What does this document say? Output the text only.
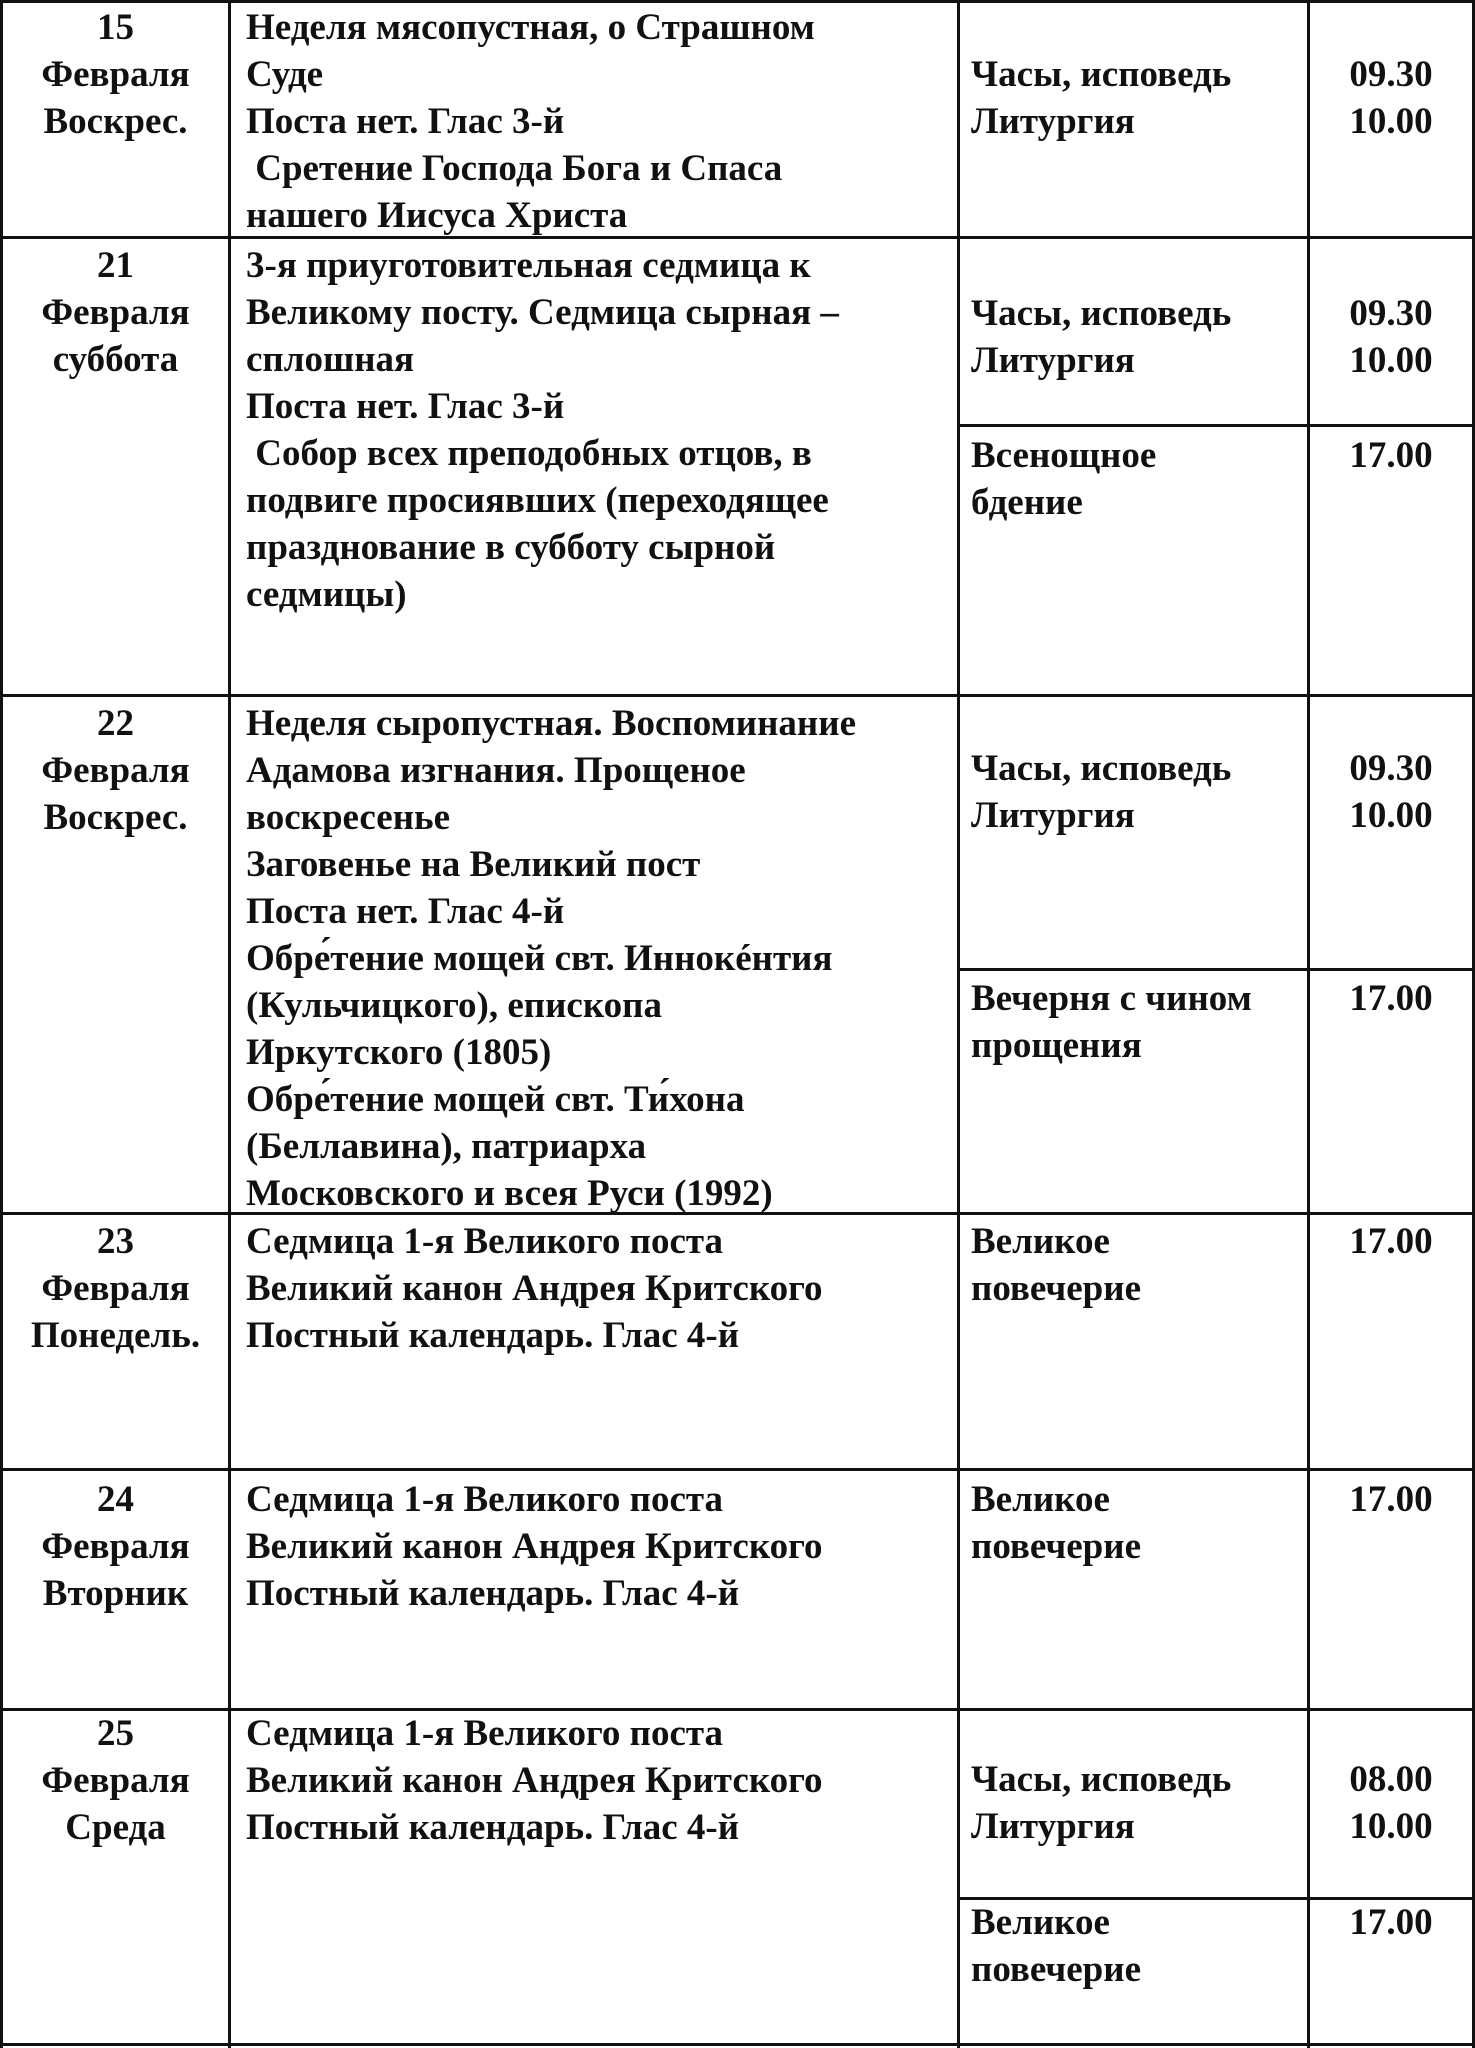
15
Февраля
Воскрес.

Неделя мясопустная, о Страшном
Суде
Поста нет. Глас 3-й
Сретение Господа Бога и Спаса
нашего Иисуса Христа

Часы, исповедь
Литургия

09.30
10.00

21
Февраля
суббота

3-я приуготовительная седмица к
Великому посту. Седмица сырная –
сплошная
Поста нет. Глас 3-й
Собор всех преподобных отцов, в
подвиге просиявших (переходящее
празднование в субботу сырной
седмицы)

Часы, исповедь
Литургия

09.30
10.00

Всенощное
бдение

17.00

22
Февраля
Воскрес.

Неделя сыропустная. Воспоминание
Адамова изгнания. Прощеное
воскресенье
Заговенье на Великий пост
Поста нет. Глас 4-й
Обре́тение мощей свт. Иннокéнтия
(Кульчицкого), епископа
Иркутского (1805)
Обре́тение мощей свт. Ти́хона
(Беллавина), патриарха
Московского и всея Руси (1992)

Часы, исповедь
Литургия

09.30
10.00

Вечерня с чином
прощения

17.00

23
Февраля
Понедель.

Седмица 1-я Великого поста
Великий канон Андрея Критского
Постный календарь. Глас 4-й

Великое
повечерие

17.00

24
Февраля
Вторник

Седмица 1-я Великого поста
Великий канон Андрея Критского
Постный календарь. Глас 4-й

Великое
повечерие

17.00

25
Февраля
Среда

Седмица 1-я Великого поста
Великий канон Андрея Критского
Постный календарь. Глас 4-й

Часы, исповедь
Литургия

08.00
10.00

Великое
повечерие

17.00
